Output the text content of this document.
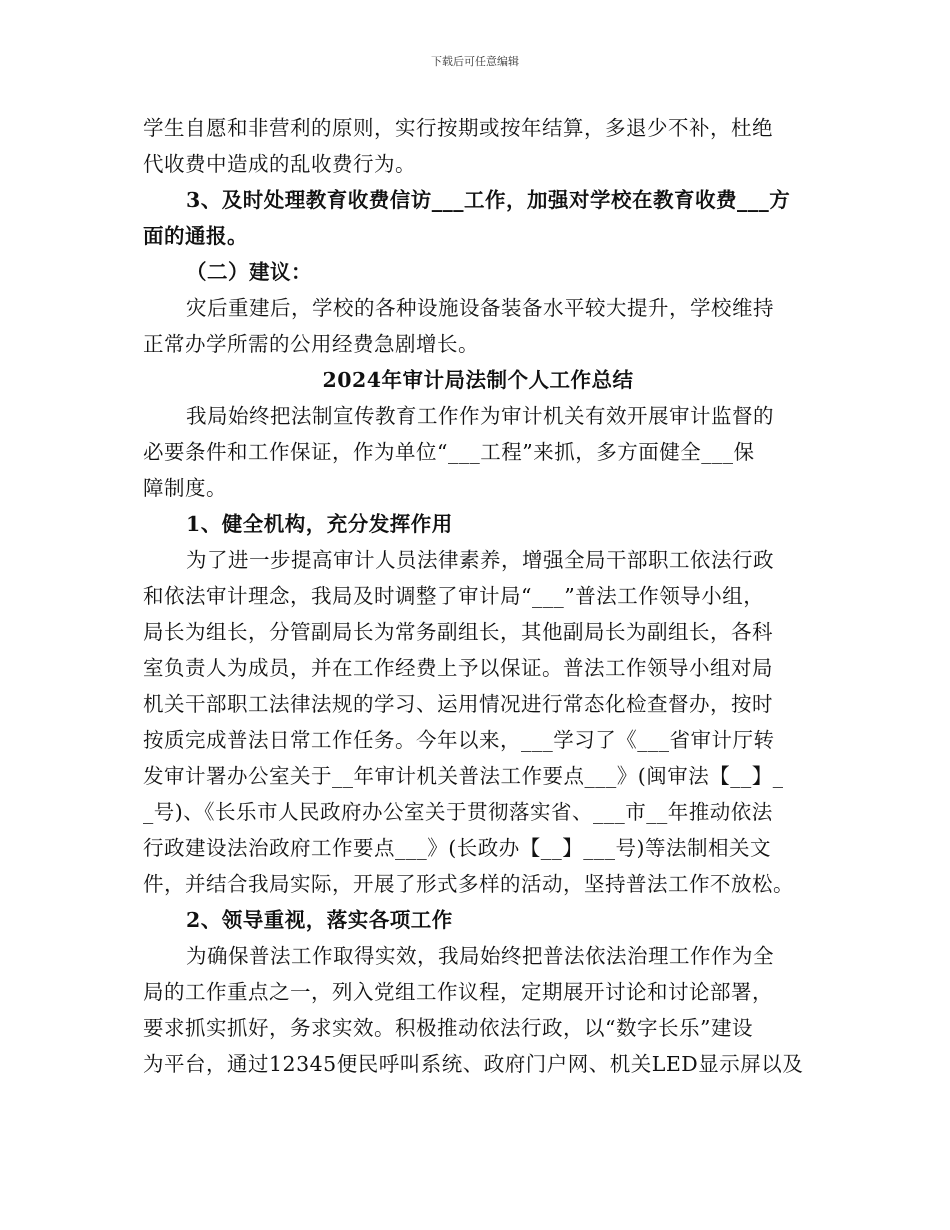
下载后可任意编辑
学生自愿和非营利的原则，实行按期或按年结算，多退少不补，杜绝
代收费中造成的乱收费行为。
3、及时处理教育收费信访___工作，加强对学校在教育收费___方
面的通报。
（二）建议：
灾后重建后，学校的各种设施设备装备水平较大提升，学校维持
正常办学所需的公用经费急剧增长。
2024年审计局法制个人工作总结
我局始终把法制宣传教育工作作为审计机关有效开展审计监督的
必要条件和工作保证，作为单位“___工程”来抓，多方面健全___保
障制度。
1、健全机构，充分发挥作用
为了进一步提高审计人员法律素养，增强全局干部职工依法行政
和依法审计理念，我局及时调整了审计局“___”普法工作领导小组，
局长为组长，分管副局长为常务副组长，其他副局长为副组长，各科
室负责人为成员，并在工作经费上予以保证。普法工作领导小组对局
机关干部职工法律法规的学习、运用情况进行常态化检查督办，按时
按质完成普法日常工作任务。今年以来，___学习了《___省审计厅转
发审计署办公室关于__年审计机关普法工作要点___》(闽审法【__】_
_号)、《长乐市人民政府办公室关于贯彻落实省、___市__年推动依法
行政建设法治政府工作要点___》(长政办【__】___号)等法制相关文
件，并结合我局实际，开展了形式多样的活动，坚持普法工作不放松。
2、领导重视，落实各项工作
为确保普法工作取得实效，我局始终把普法依法治理工作作为全
局的工作重点之一，列入党组工作议程，定期展开讨论和讨论部署，
要求抓实抓好，务求实效。积极推动依法行政，以“数字长乐”建设
为平台，通过12345便民呼叫系统、政府门户网、机关LED显示屏以及
